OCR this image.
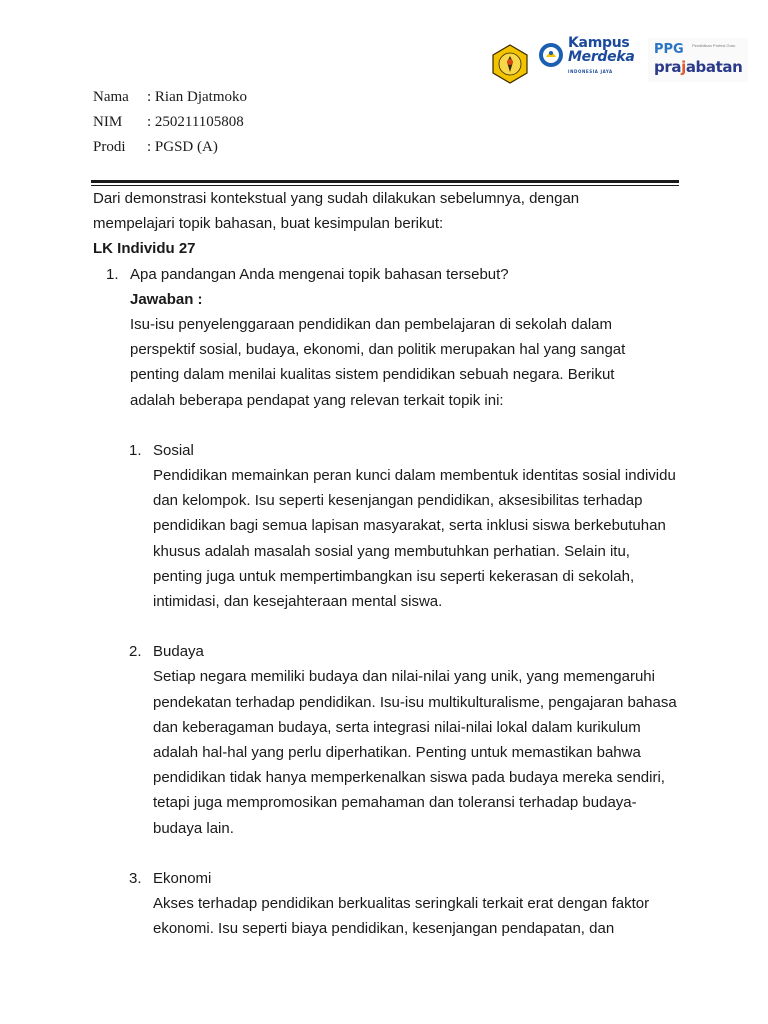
Kampus
Merdeka
INDONESIA JAYA
PPG Pendidikan Profesi Guru
prajabatan
Nama	: Rian Djatmoko
NIM	: 250211105808
Prodi	: PGSD (A)

Dari demonstrasi kontekstual yang sudah dilakukan sebelumnya, dengan mempelajari topik bahasan, buat kesimpulan berikut:

LK Individu 27

1. Apa pandangan Anda mengenai topik bahasan tersebut?

Jawaban :

Isu-isu penyelenggaraan pendidikan dan pembelajaran di sekolah dalam perspektif sosial, budaya, ekonomi, dan politik merupakan hal yang sangat penting dalam menilai kualitas sistem pendidikan sebuah negara. Berikut adalah beberapa pendapat yang relevan terkait topik ini:

1. Sosial

Pendidikan memainkan peran kunci dalam membentuk identitas sosial individu dan kelompok. Isu seperti kesenjangan pendidikan, aksesibilitas terhadap pendidikan bagi semua lapisan masyarakat, serta inklusi siswa berkebutuhan khusus adalah masalah sosial yang membutuhkan perhatian. Selain itu, penting juga untuk mempertimbangkan isu seperti kekerasan di sekolah, intimidasi, dan kesejahteraan mental siswa.

2. Budaya

Setiap negara memiliki budaya dan nilai-nilai yang unik, yang memengaruhi pendekatan terhadap pendidikan. Isu-isu multikulturalisme, pengajaran bahasa dan keberagaman budaya, serta integrasi nilai-nilai lokal dalam kurikulum adalah hal-hal yang perlu diperhatikan. Penting untuk memastikan bahwa pendidikan tidak hanya memperkenalkan siswa pada budaya mereka sendiri, tetapi juga mempromosikan pemahaman dan toleransi terhadap budaya-budaya lain.

3. Ekonomi

Akses terhadap pendidikan berkualitas seringkali terkait erat dengan faktor ekonomi. Isu seperti biaya pendidikan, kesenjangan pendapatan, dan
